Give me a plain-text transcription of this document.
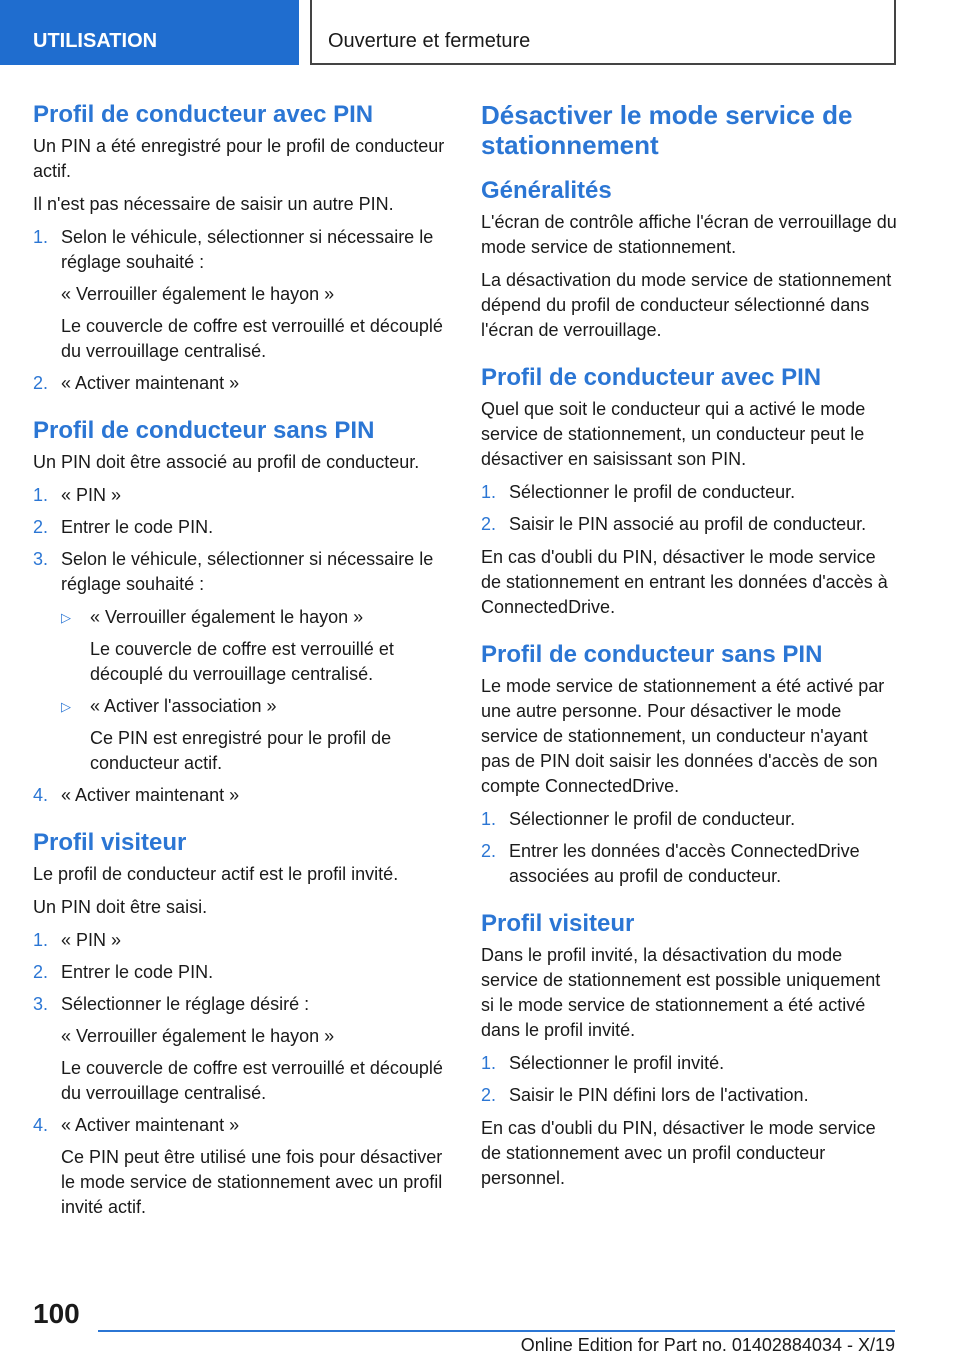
UTILISATION	Ouverture et fermeture
Profil de conducteur avec PIN

Un PIN a été enregistré pour le profil de conducteur actif.

Il n'est pas nécessaire de saisir un autre PIN.

1. Selon le véhicule, sélectionner si nécessaire le réglage souhaité :
« Verrouiller également le hayon »
Le couvercle de coffre est verrouillé et découplé du verrouillage centralisé.
2. « Activer maintenant »
Profil de conducteur sans PIN

Un PIN doit être associé au profil de conducteur.

1. « PIN »
2. Entrer le code PIN.
3. Selon le véhicule, sélectionner si nécessaire le réglage souhaité :
▷ « Verrouiller également le hayon »
Le couvercle de coffre est verrouillé et découplé du verrouillage centralisé.
▷ « Activer l'association »
Ce PIN est enregistré pour le profil de conducteur actif.
4. « Activer maintenant »
Profil visiteur

Le profil de conducteur actif est le profil invité.

Un PIN doit être saisi.

1. « PIN »
2. Entrer le code PIN.
3. Sélectionner le réglage désiré :
« Verrouiller également le hayon »
Le couvercle de coffre est verrouillé et découplé du verrouillage centralisé.
4. « Activer maintenant »
Ce PIN peut être utilisé une fois pour désactiver le mode service de stationnement avec un profil invité actif.
Désactiver le mode service de stationnement
Généralités

L'écran de contrôle affiche l'écran de verrouillage du mode service de stationnement.

La désactivation du mode service de stationnement dépend du profil de conducteur sélectionné dans l'écran de verrouillage.

Profil de conducteur avec PIN

Quel que soit le conducteur qui a activé le mode service de stationnement, un conducteur peut le désactiver en saisissant son PIN.

1. Sélectionner le profil de conducteur.
2. Saisir le PIN associé au profil de conducteur.

En cas d'oubli du PIN, désactiver le mode service de stationnement en entrant les données d'accès à ConnectedDrive.

Profil de conducteur sans PIN

Le mode service de stationnement a été activé par une autre personne. Pour désactiver le mode service de stationnement, un conducteur n'ayant pas de PIN doit saisir les données d'accès de son compte ConnectedDrive.

1. Sélectionner le profil de conducteur.
2. Entrer les données d'accès ConnectedDrive associées au profil de conducteur.
Profil visiteur

Dans le profil invité, la désactivation du mode service de stationnement est possible uniquement si le mode service de stationnement a été activé dans le profil invité.

1. Sélectionner le profil invité.
2. Saisir le PIN défini lors de l'activation.

En cas d'oubli du PIN, désactiver le mode service de stationnement avec un profil conducteur personnel.

100
Online Edition for Part no. 01402884034 - X/19
